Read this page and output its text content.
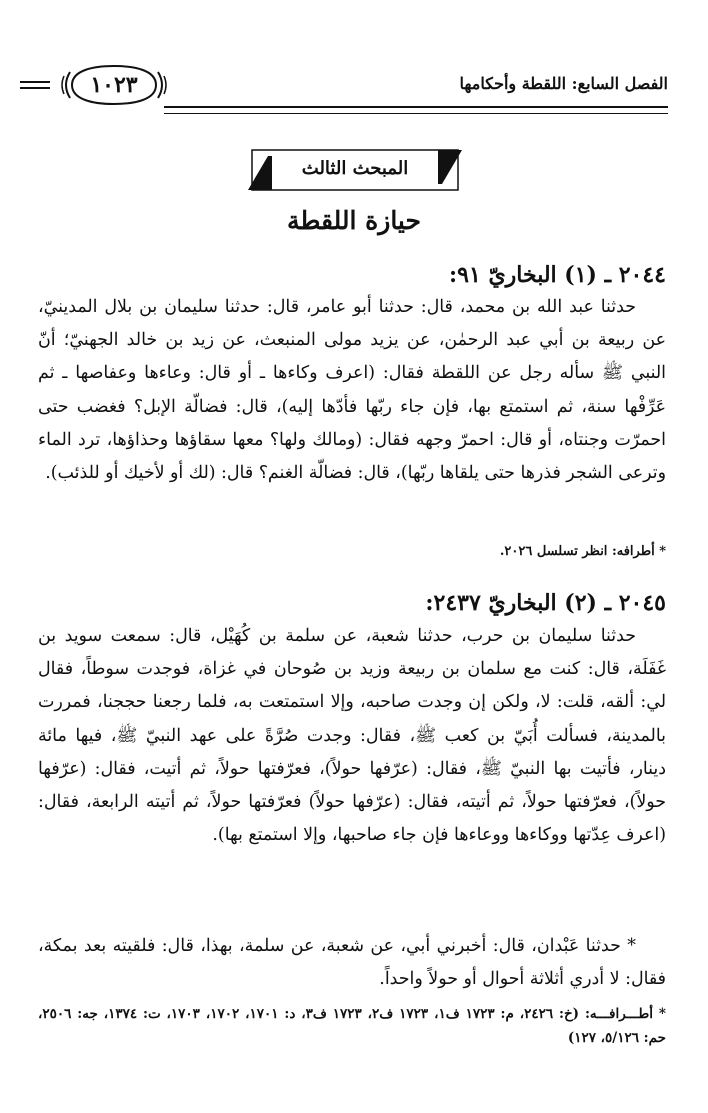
الفصل السابع: اللقطة وأحكامها
١٠٢٣
المبحث الثالث
حيازة اللقطة
٢٠٤٤ ـ (١) البخاريّ ٩١:

حدثنا عبد الله بن محمد، قال: حدثنا أبو عامر، قال: حدثنا سليمان بن بلال المدينيّ، عن ربيعة بن أبي عبد الرحمٰن، عن يزيد مولى المنبعث، عن زيد بن خالد الجهنيّ؛ أنّ النبي ﷺ سأله رجل عن اللقطة فقال: (اعرف وكاءها ـ أو قال: وعاءها وعفاصها ـ ثم عَرِّفْها سنة، ثم استمتع بها، فإن جاء ربّها فأدّها إليه)، قال: فضالّة الإبل؟ فغضب حتى احمرّت وجنتاه، أو قال: احمرّ وجهه فقال: (ومالك ولها؟ معها سقاؤها وحذاؤها، ترد الماء وترعى الشجر فذرها حتى يلقاها ربّها)، قال: فضالّة الغنم؟ قال: (لك أو لأخيك أو للذئب).

* أطرافه: انظر تسلسل ٢٠٢٦.
٢٠٤٥ ـ (٢) البخاريّ ٢٤٣٧:

حدثنا سليمان بن حرب، حدثنا شعبة، عن سلمة بن كُهَيْل، قال: سمعت سويد بن غَفَلَة، قال: كنت مع سلمان بن ربيعة وزيد بن صُوحان في غزاة، فوجدت سوطاً، فقال لي: ألقه، قلت: لا، ولكن إن وجدت صاحبه، وإلا استمتعت به، فلما رجعنا حججنا، فمررت بالمدينة، فسألت أُبَيّ بن كعب ﷺ، فقال: وجدت صُرَّةً على عهد النبيّ ﷺ، فيها مائة دينار، فأتيت بها النبيّ ﷺ، فقال: (عرّفها حولاً)، فعرّفتها حولاً، ثم أتيت، فقال: (عرّفها حولاً)، فعرّفتها حولاً، ثم أتيته، فقال: (عرّفها حولاً) فعرّفتها حولاً، ثم أتيته الرابعة، فقال: (اعرف عِدّتها ووكاءها ووعاءها فإن جاء صاحبها، وإلا استمتع بها).

* حدثنا عَبْدان، قال: أخبرني أبي، عن شعبة، عن سلمة، بهذا، قال: فلقيته بعد بمكة، فقال: لا أدري أثلاثة أحوال أو حولاً واحداً.

* أطـــرافـــه: (خ: ٢٤٢٦، م: ١٧٢٣ ف١، ١٧٢٣ ف٢، ١٧٢٣ ف٣، د: ١٧٠١، ١٧٠٢، ١٧٠٣، ت: ١٣٧٤، جه: ٢٥٠٦، حم: ٥/١٢٦، ١٢٧)
